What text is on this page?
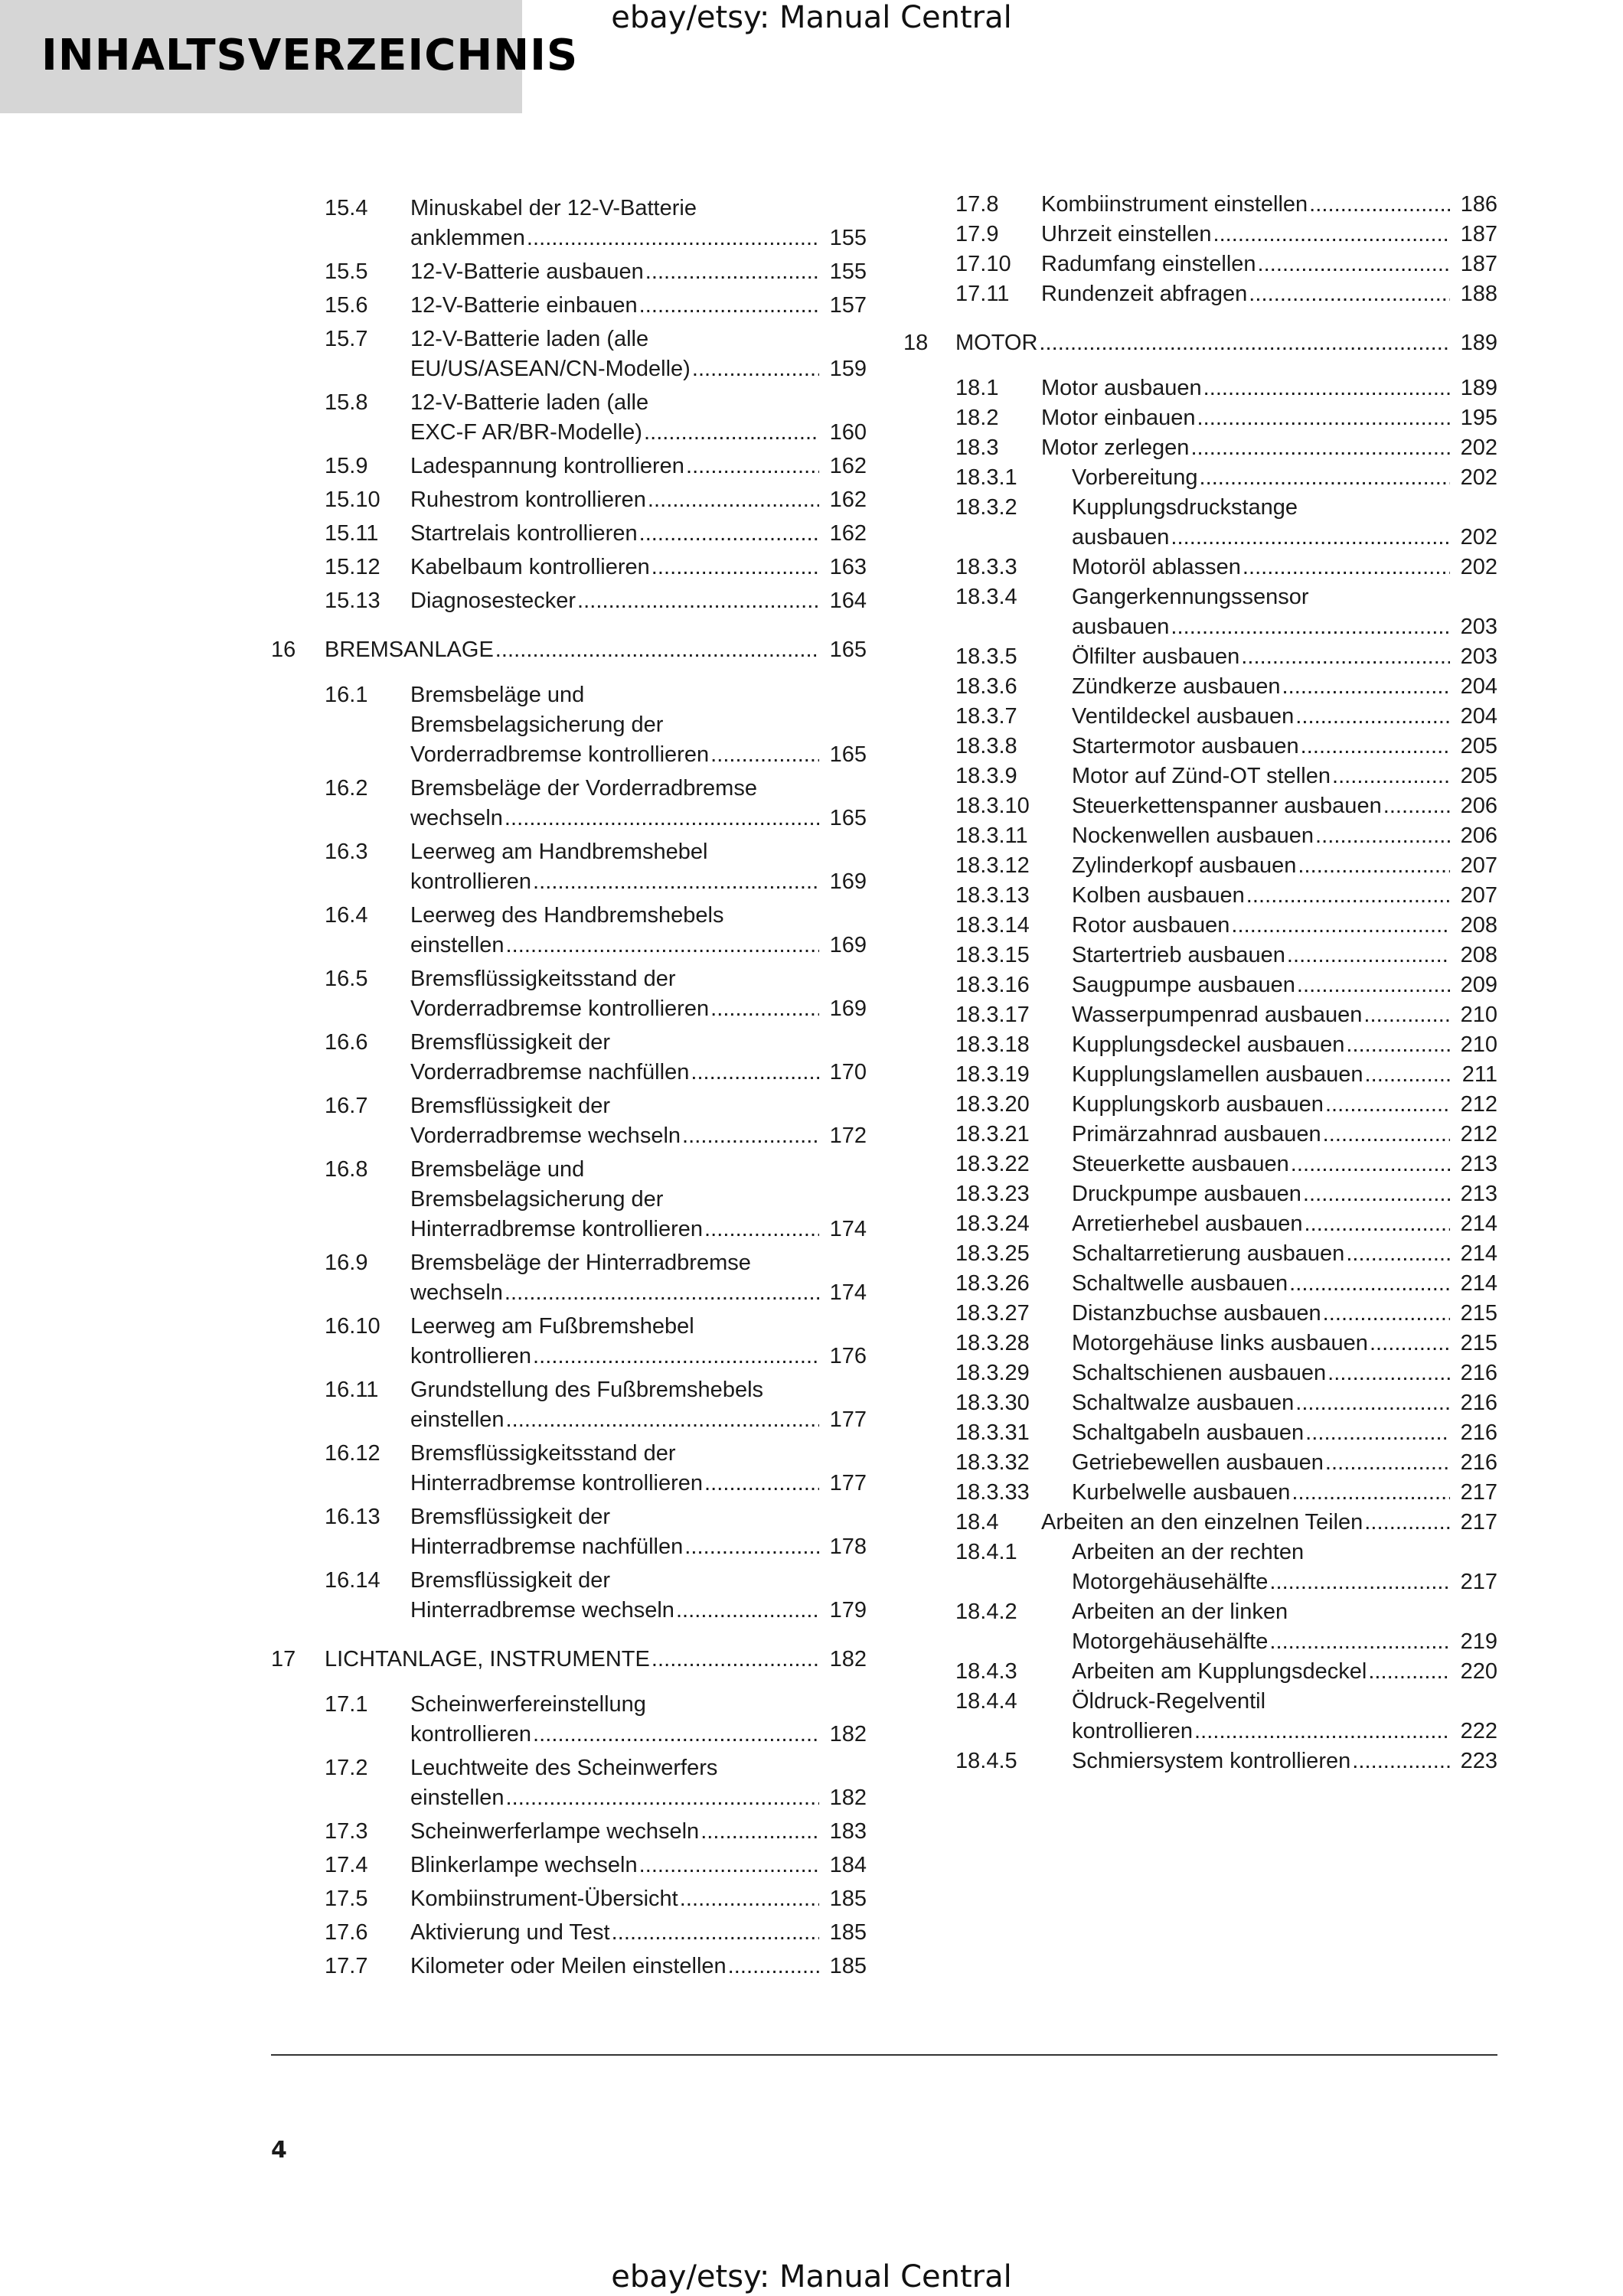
ebay/etsy: Manual Central
INHALTSVERZEICHNIS
15.4 Minuskabel der 12-V-Batterie
anklemmen . . .	155
15.5 12-V-Batterie ausbauen . . .	155
15.6 12-V-Batterie einbauen . . .	157
15.7 12-V-Batterie laden (alle
EU/US/ASEAN/CN-Modelle) . . .	159
15.8 12-V-Batterie laden (alle
EXC-F AR/BR-Modelle) . . .	160
15.9 Ladespannung kontrollieren . . .	162
15.10 Ruhestrom kontrollieren . . .	162
15.11 Startrelais kontrollieren . . .	162
15.12 Kabelbaum kontrollieren . . .	163
15.13 Diagnosestecker . . .	164
16 BREMSANLAGE . . .	165
16.1 Bremsbeläge und
Bremsbelagsicherung der
Vorderradbremse kontrollieren . . .	165
16.2 Bremsbeläge der Vorderradbremse
wechseln . . .	165
16.3 Leerweg am Handbremshebel
kontrollieren . . .	169
16.4 Leerweg des Handbremshebels
einstellen . . .	169
16.5 Bremsflüssigkeitsstand der
Vorderradbremse kontrollieren . . .	169
16.6 Bremsflüssigkeit der
Vorderradbremse nachfüllen . . .	170
16.7 Bremsflüssigkeit der
Vorderradbremse wechseln . . .	172
16.8 Bremsbeläge und
Bremsbelagsicherung der
Hinterradbremse kontrollieren . . .	174
16.9 Bremsbeläge der Hinterradbremse
wechseln . . .	174
16.10 Leerweg am Fußbremshebel
kontrollieren . . .	176
16.11 Grundstellung des Fußbremshebels
einstellen . . .	177
16.12 Bremsflüssigkeitsstand der
Hinterradbremse kontrollieren . . .	177
16.13 Bremsflüssigkeit der
Hinterradbremse nachfüllen . . .	178
16.14 Bremsflüssigkeit der
Hinterradbremse wechseln . . .	179
17 LICHTANLAGE, INSTRUMENTE . . .	182
17.1 Scheinwerfereinstellung
kontrollieren . . .	182
17.2 Leuchtweite des Scheinwerfers
einstellen . . .	182
17.3 Scheinwerferlampe wechseln . . .	183
17.4 Blinkerlampe wechseln . . .	184
17.5 Kombiinstrument-Übersicht . . .	185
17.6 Aktivierung und Test . . .	185
17.7 Kilometer oder Meilen einstellen . . .	185
17.8 Kombiinstrument einstellen . . .	186
17.9 Uhrzeit einstellen . . .	187
17.10 Radumfang einstellen . . .	187
17.11 Rundenzeit abfragen . . .	188
18 MOTOR . . .	189
18.1 Motor ausbauen . . .	189
18.2 Motor einbauen . . .	195
18.3 Motor zerlegen . . .	202
18.3.1 Vorbereitung . . .	202
18.3.2 Kupplungsdruckstange
ausbauen . . .	202
18.3.3 Motoröl ablassen . . .	202
18.3.4 Gangerkennungssensor
ausbauen . . .	203
18.3.5 Ölfilter ausbauen . . .	203
18.3.6 Zündkerze ausbauen . . .	204
18.3.7 Ventildeckel ausbauen . . .	204
18.3.8 Startermotor ausbauen . . .	205
18.3.9 Motor auf Zünd-OT stellen . . .	205
18.3.10 Steuerkettenspanner ausbauen . . .	206
18.3.11 Nockenwellen ausbauen . . .	206
18.3.12 Zylinderkopf ausbauen . . .	207
18.3.13 Kolben ausbauen . . .	207
18.3.14 Rotor ausbauen . . .	208
18.3.15 Startertrieb ausbauen . . .	208
18.3.16 Saugpumpe ausbauen . . .	209
18.3.17 Wasserpumpenrad ausbauen . . .	210
18.3.18 Kupplungsdeckel ausbauen . . .	210
18.3.19 Kupplungslamellen ausbauen . . .	211
18.3.20 Kupplungskorb ausbauen . . .	212
18.3.21 Primärzahnrad ausbauen . . .	212
18.3.22 Steuerkette ausbauen . . .	213
18.3.23 Druckpumpe ausbauen . . .	213
18.3.24 Arretierhebel ausbauen . . .	214
18.3.25 Schaltarretierung ausbauen . . .	214
18.3.26 Schaltwelle ausbauen . . .	214
18.3.27 Distanzbuchse ausbauen . . .	215
18.3.28 Motorgehäuse links ausbauen . . .	215
18.3.29 Schaltschienen ausbauen . . .	216
18.3.30 Schaltwalze ausbauen . . .	216
18.3.31 Schaltgabeln ausbauen . . .	216
18.3.32 Getriebewellen ausbauen . . .	216
18.3.33 Kurbelwelle ausbauen . . .	217
18.4 Arbeiten an den einzelnen Teilen . . .	217
18.4.1 Arbeiten an der rechten
Motorgehäusehälfte . . .	217
18.4.2 Arbeiten an der linken
Motorgehäusehälfte . . .	219
18.4.3 Arbeiten am Kupplungsdeckel . . .	220
18.4.4 Öldruck-Regelventil
kontrollieren . . .	222
18.4.5 Schmiersystem kontrollieren . . .	223
4
ebay/etsy: Manual Central
